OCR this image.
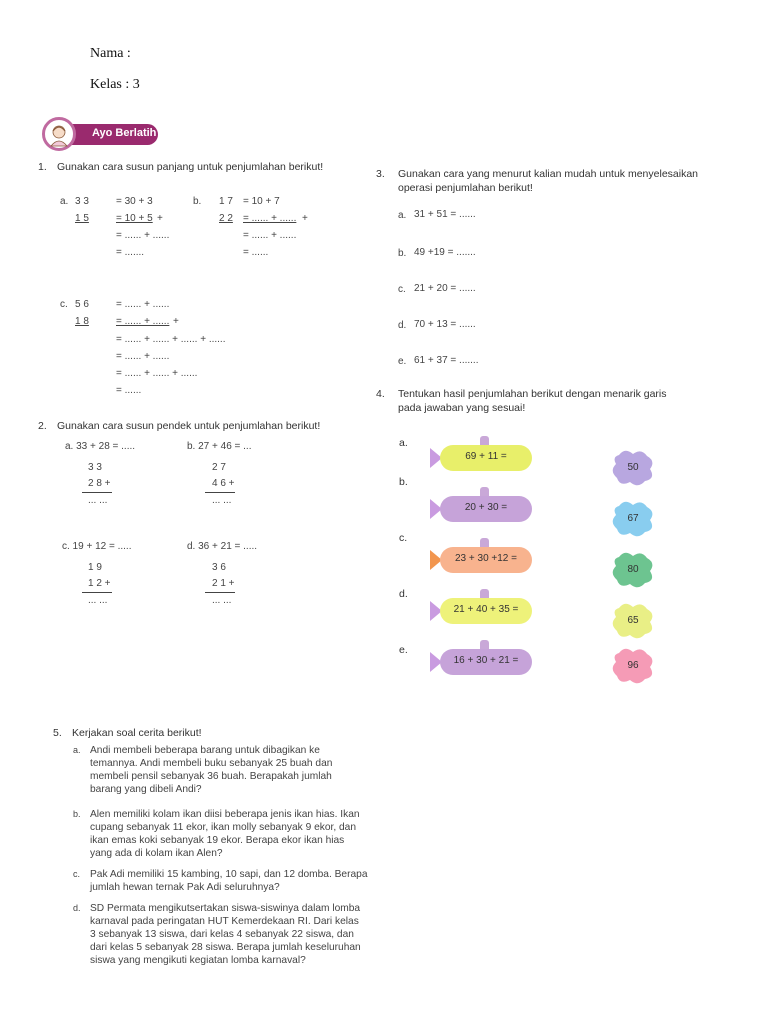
Nama :
Kelas : 3
Ayo Berlatih
1. Gunakan cara susun panjang untuk penjumlahan berikut!
a. 3 3
1 5
= 30 + 3
= 10 + 5 +
= ...... + ......
= .......
b. 1 7
2 2
= 10 + 7
= ...... + ...... +
= ...... + ......
= ......
c. 5 6
1 8
= ...... + ......
= ...... + ...... +
= ...... + ...... + ...... + ......
= ...... + ......
= ...... + ...... + ......
= ......
2. Gunakan cara susun pendek untuk penjumlahan berikut!
a. 33 + 28 = .....
3 3
2 8 +
... ...
b. 27 + 46 = ...
2 7
4 6 +
... ...
c. 19 + 12 = .....
1 9
1 2 +
... ...
d. 36 + 21 = .....
3 6
2 1 +
... ...
3. Gunakan cara yang menurut kalian mudah untuk menyelesaikan
operasi penjumlahan berikut!
a. 31 + 51 = ......
b. 49 +19 = .......
c. 21 + 20 = ......
d. 70 + 13 = ......
e. 61 + 37 = .......
4. Tentukan hasil penjumlahan berikut dengan menarik garis
pada jawaban yang sesuai!
a.
b.
c.
d.
e.
69 + 11 =
20 + 30 =
23 + 30 +12 =
21 + 40 + 35 =
16 + 30 + 21 =
50
67
80
65
96
5. Kerjakan soal cerita berikut!
a. Andi membeli beberapa barang untuk dibagikan ke
temannya. Andi membeli buku sebanyak 25 buah dan
membeli pensil sebanyak 36 buah. Berapakah jumlah
barang yang dibeli Andi?
b. Alen memiliki kolam ikan diisi beberapa jenis ikan hias. Ikan
cupang sebanyak 11 ekor, ikan molly sebanyak 9 ekor, dan
ikan emas koki sebanyak 19 ekor. Berapa ekor ikan hias
yang ada di kolam ikan Alen?
c. Pak Adi memiliki 15 kambing, 10 sapi, dan 12 domba. Berapa
jumlah hewan ternak Pak Adi seluruhnya?
d. SD Permata mengikutsertakan siswa-siswinya dalam lomba
karnaval pada peringatan HUT Kemerdekaan RI. Dari kelas
3 sebanyak 13 siswa, dari kelas 4 sebanyak 22 siswa, dan
dari kelas 5 sebanyak 28 siswa. Berapa jumlah keseluruhan
siswa yang mengikuti kegiatan lomba karnaval?
